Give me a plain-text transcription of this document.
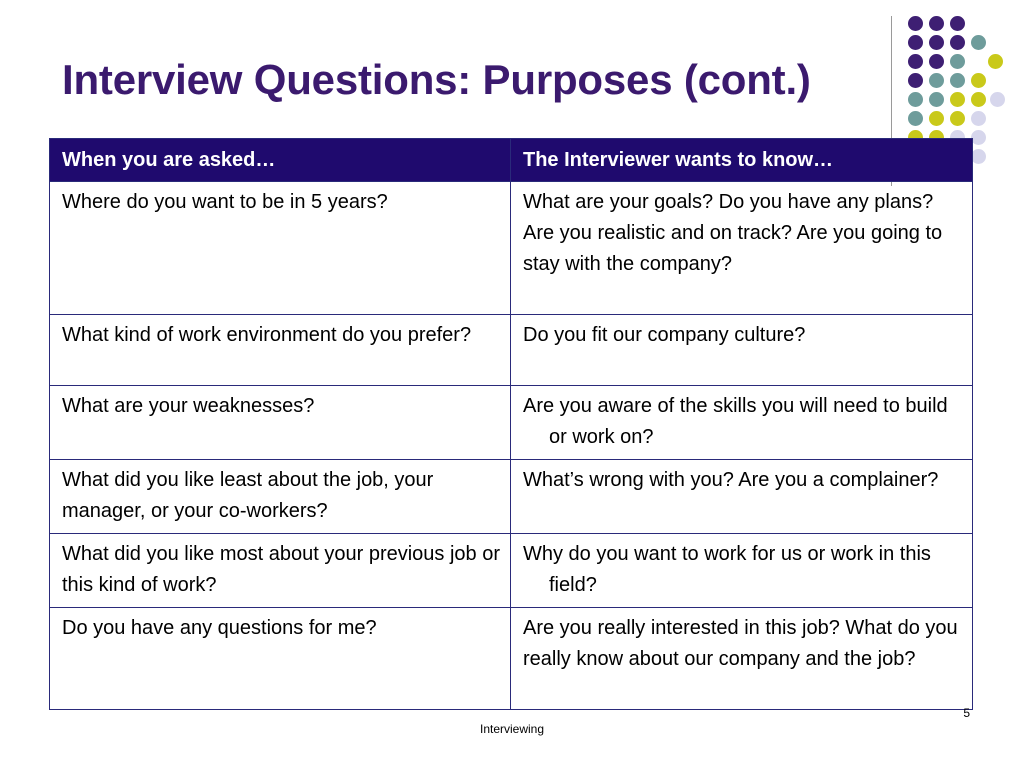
Interview Questions: Purposes (cont.)
When you are asked…	The Interviewer wants to know…
Where do you want to be in 5 years?	What are your goals? Do you have any plans? Are you realistic and on track? Are you going to stay with the company?
What kind of work environment do you prefer?	Do you fit our company culture?
What are your weaknesses?	Are you aware of the skills you will need to build or work on?
What did you like least about the job, your manager, or your co-workers?	What’s wrong with you? Are you a complainer?
What did you like most about your previous job or this kind of work?	Why do you want to work for us or work in this field?
Do you have any questions for me?	Are you really interested in this job? What do you really know about our company and the job?
5
Interviewing
